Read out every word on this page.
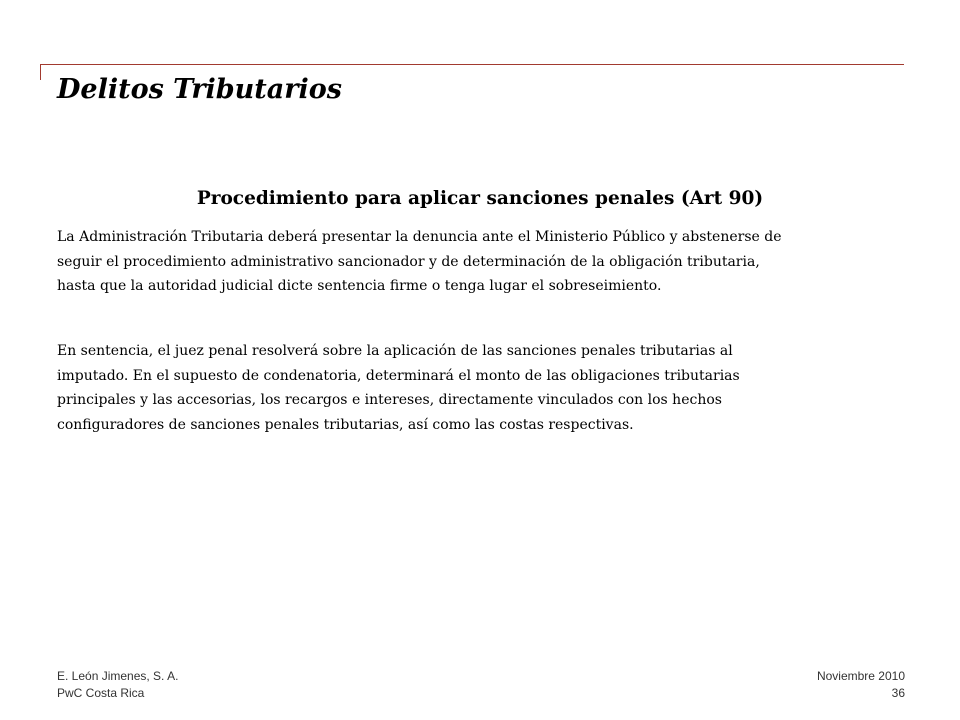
Delitos Tributarios
Procedimiento para aplicar sanciones penales (Art 90)

La Administración Tributaria deberá presentar la denuncia ante el Ministerio Público y abstenerse de
seguir el procedimiento administrativo sancionador y de determinación de la obligación tributaria,
hasta que la autoridad judicial dicte sentencia firme o tenga lugar el sobreseimiento.

En sentencia, el juez penal resolverá sobre la aplicación de las sanciones penales tributarias al
imputado. En el supuesto de condenatoria, determinará el monto de las obligaciones tributarias
principales y las accesorias, los recargos e intereses, directamente vinculados con los hechos
configuradores de sanciones penales tributarias, así como las costas respectivas.

E. León Jimenes, S. A.
PwC Costa Rica
Noviembre 2010
36
